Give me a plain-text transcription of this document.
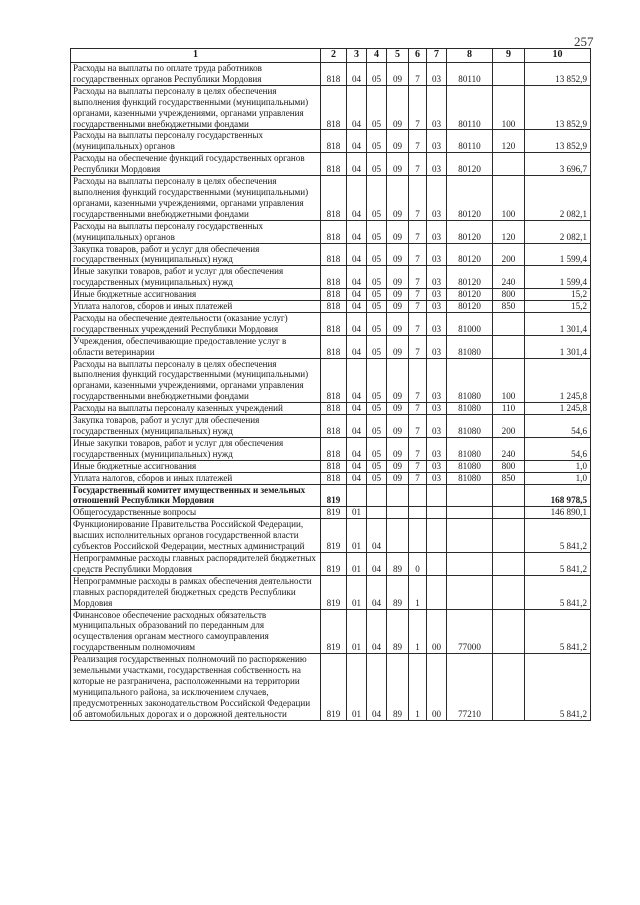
257
1	2	3	4	5	6	7	8	9	10
Расходы на выплаты по оплате труда работников государственных органов Республики Мордовия	818	04	05	09	7	03	80110		13 852,9
Расходы на выплаты персоналу в целях обеспечения выполнения функций государственными (муниципальными) органами, казенными учреждениями, органами управления государственными внебюджетными фондами	818	04	05	09	7	03	80110	100	13 852,9
Расходы на выплаты персоналу государственных (муниципальных) органов	818	04	05	09	7	03	80110	120	13 852,9
Расходы на обеспечение функций государственных органов Республики Мордовия	818	04	05	09	7	03	80120		3 696,7
Расходы на выплаты персоналу в целях обеспечения выполнения функций государственными (муниципальными) органами, казенными учреждениями, органами управления государственными внебюджетными фондами	818	04	05	09	7	03	80120	100	2 082,1
Расходы на выплаты персоналу государственных (муниципальных) органов	818	04	05	09	7	03	80120	120	2 082,1
Закупка товаров, работ и услуг для обеспечения государственных (муниципальных) нужд	818	04	05	09	7	03	80120	200	1 599,4
Иные закупки товаров, работ и услуг для обеспечения государственных (муниципальных) нужд	818	04	05	09	7	03	80120	240	1 599,4
Иные бюджетные ассигнования	818	04	05	09	7	03	80120	800	15,2
Уплата налогов, сборов и иных платежей	818	04	05	09	7	03	80120	850	15,2
Расходы на обеспечение деятельности (оказание услуг) государственных учреждений Республики Мордовия	818	04	05	09	7	03	81000		1 301,4
Учреждения, обеспечивающие предоставление услуг в области ветеринарии	818	04	05	09	7	03	81080		1 301,4
Расходы на выплаты персоналу в целях обеспечения выполнения функций государственными (муниципальными) органами, казенными учреждениями, органами управления государственными внебюджетными фондами	818	04	05	09	7	03	81080	100	1 245,8
Расходы на выплаты персоналу казенных учреждений	818	04	05	09	7	03	81080	110	1 245,8
Закупка товаров, работ и услуг для обеспечения государственных (муниципальных) нужд	818	04	05	09	7	03	81080	200	54,6
Иные закупки товаров, работ и услуг для обеспечения государственных (муниципальных) нужд	818	04	05	09	7	03	81080	240	54,6
Иные бюджетные ассигнования	818	04	05	09	7	03	81080	800	1,0
Уплата налогов, сборов и иных платежей	818	04	05	09	7	03	81080	850	1,0
Государственный комитет имущественных и земельных отношений Республики Мордовия	819								168 978,5
Общегосударственные вопросы	819	01							146 890,1
Функционирование Правительства Российской Федерации, высших исполнительных органов государственной власти субъектов Российской Федерации, местных администраций	819	01	04						5 841,2
Непрограммные расходы главных распорядителей бюджетных средств Республики Мордовия	819	01	04	89	0				5 841,2
Непрограммные расходы в рамках обеспечения деятельности главных распорядителей бюджетных средств Республики Мордовия	819	01	04	89	1				5 841,2
Финансовое обеспечение расходных обязательств муниципальных образований по переданным для осуществления органам местного самоуправления государственным полномочиям	819	01	04	89	1	00	77000		5 841,2
Реализация государственных полномочий по распоряжению земельными участками, государственная собственность на которые не разграничена, расположенными на территории муниципального района, за исключением случаев, предусмотренных законодательством Российской Федерации об автомобильных дорогах и о дорожной деятельности	819	01	04	89	1	00	77210		5 841,2
